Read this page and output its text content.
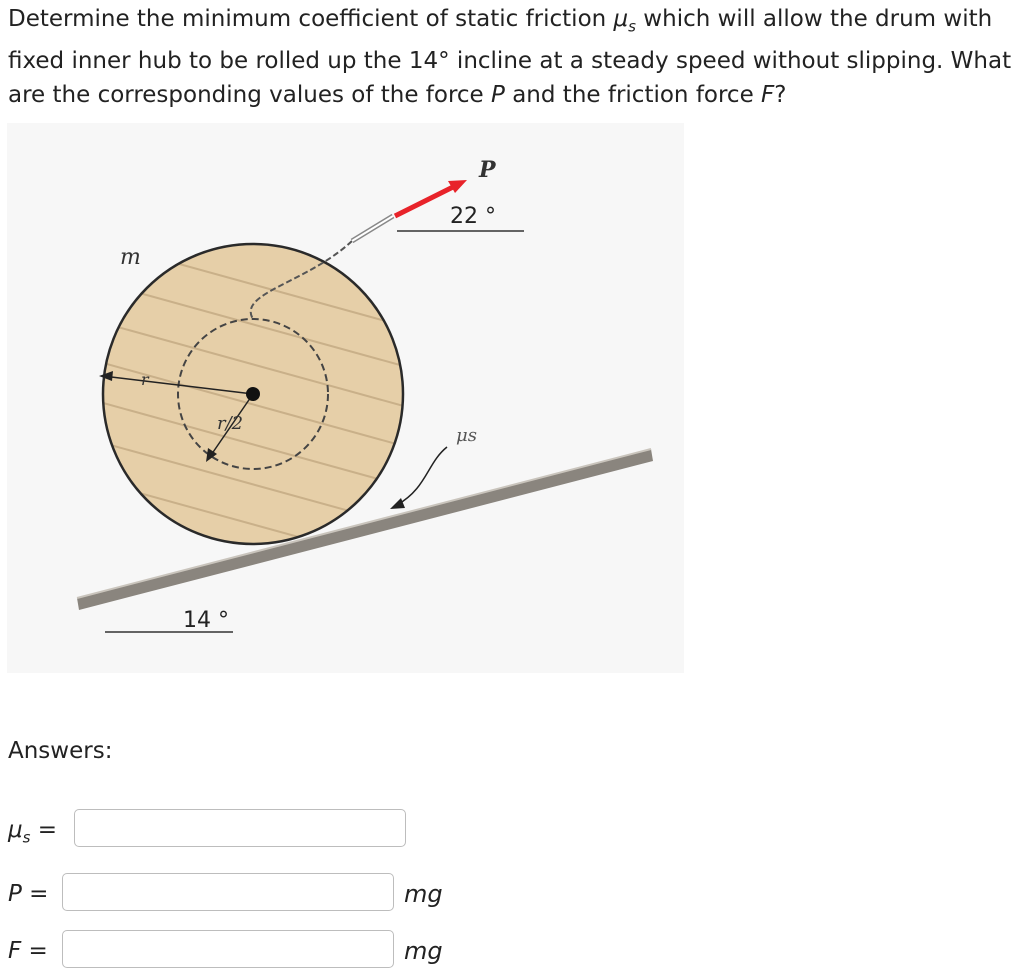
Determine the minimum coefficient of static friction $\mu_s$ which will allow the drum with fixed inner hub to be rolled up the 14° incline at a steady speed without slipping. What are the corresponding values of the force P and the friction force F?

m
r
r/2
P
22 °
μs
14 °
Answers:
$\mu_s$ =
P =	mg
F =	mg
